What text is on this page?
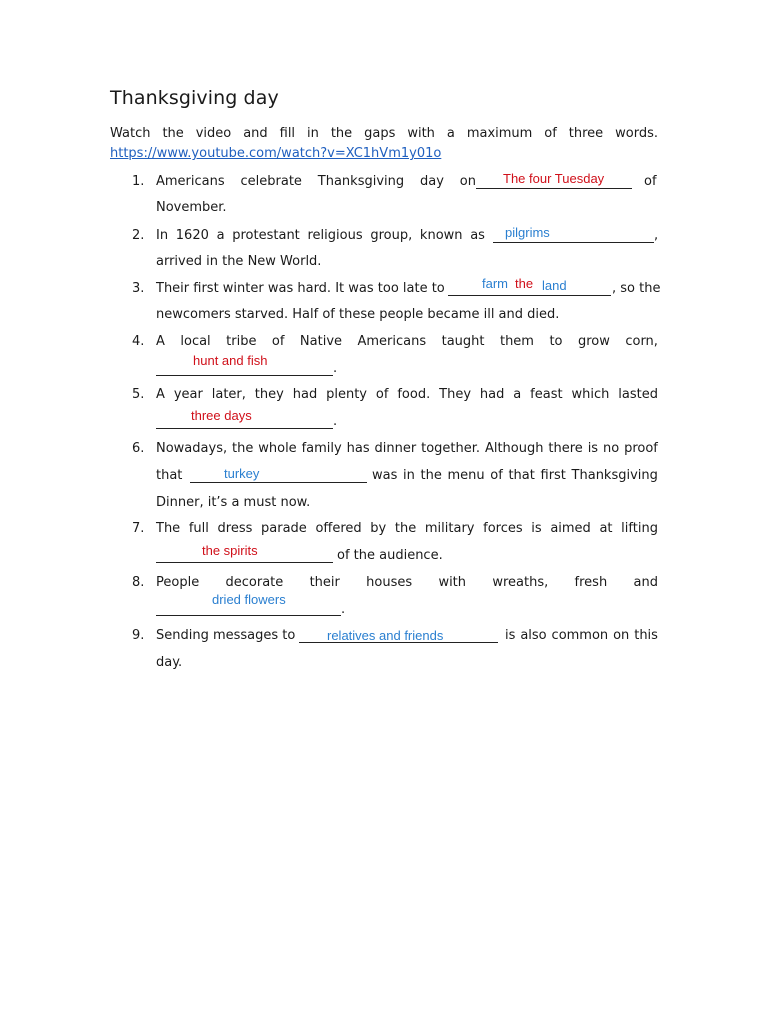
Thanksgiving day
Watch the video and fill in the gaps with a maximum of three words.
https://www.youtube.com/watch?v=XC1hVm1y01o
1. Americans celebrate Thanksgiving day on The four Tuesday	of
November.
2. In 1620 a protestant religious group, known as pilgrims	,
arrived in the New World.
3. Their first winter was hard. It was too late to	farm the land	, so the
newcomers starved. Half of these people became ill and died.
4. A local tribe of Native Americans taught them to grow corn,
hunt and fish
.
5. A year later, they had plenty of food. They had a feast which lasted
three days	.
6. Nowadays, the whole family has dinner together. Although there is no proof
that	turkey	was in the menu of that first Thanksgiving
Dinner, it’s a must now.
7. The full dress parade offered by the military forces is aimed at lifting
the spirits	of the audience.
8. People decorate their houses with wreaths, fresh and
dried flowers
.
9. Sending messages to relatives and friends	is also common on this
day.
